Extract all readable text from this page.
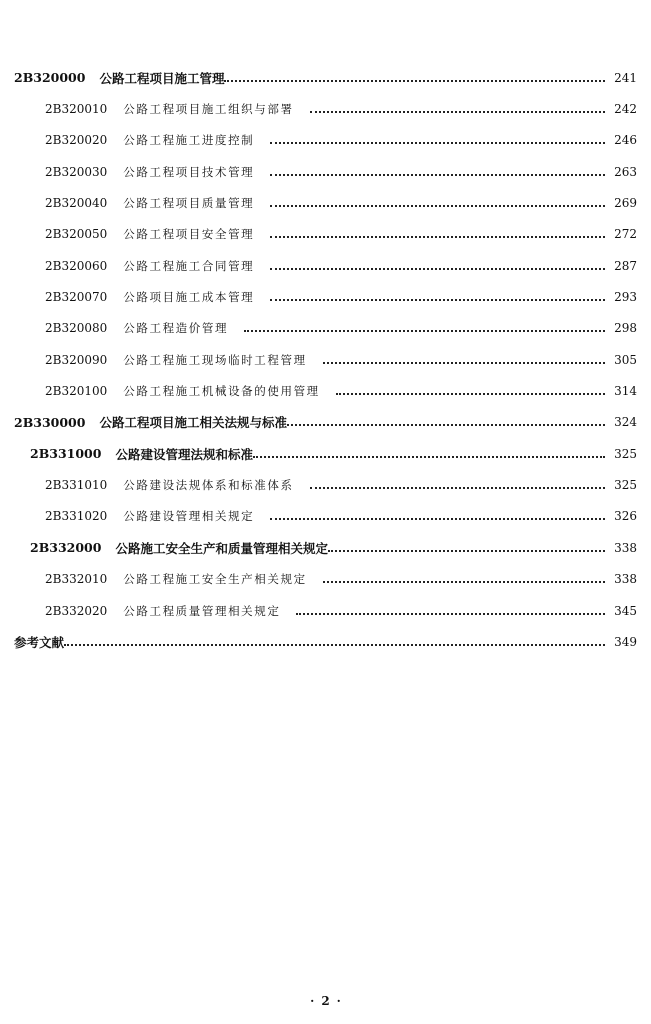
2B320000 公路工程项目施工管理	241
2B320010 公路工程项目施工组织与部署	242
2B320020 公路工程施工进度控制	246
2B320030 公路工程项目技术管理	263
2B320040 公路工程项目质量管理	269
2B320050 公路工程项目安全管理	272
2B320060 公路工程施工合同管理	287
2B320070 公路项目施工成本管理	293
2B320080 公路工程造价管理	298
2B320090 公路工程施工现场临时工程管理	305
2B320100 公路工程施工机械设备的使用管理	314
2B330000 公路工程项目施工相关法规与标准	324
2B331000 公路建设管理法规和标准	325
2B331010 公路建设法规体系和标准体系	325
2B331020 公路建设管理相关规定	326
2B332000 公路施工安全生产和质量管理相关规定	338
2B332010 公路工程施工安全生产相关规定	338
2B332020 公路工程质量管理相关规定	345
参考文献	349
· 2 ·
